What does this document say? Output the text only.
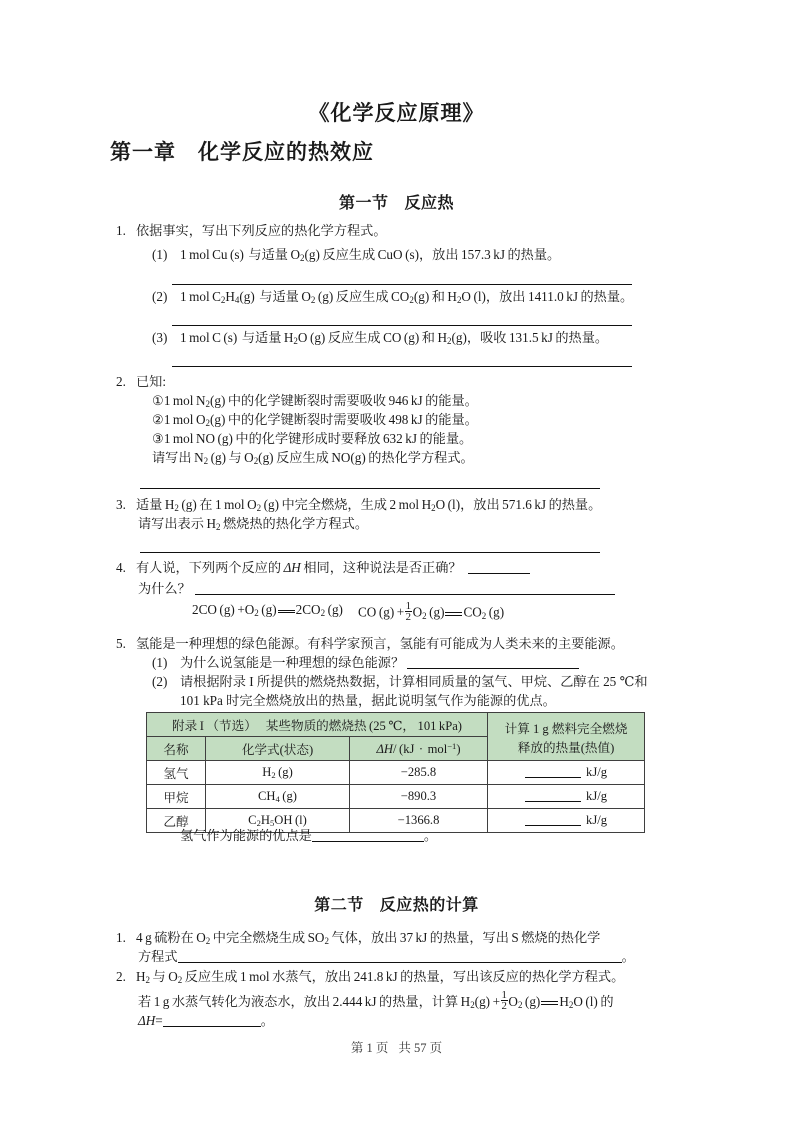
《化学反应原理》
第一章 化学反应的热效应
第一节 反应热
1. 依据事实，写出下列反应的热化学方程式。
(1) 1 mol Cu (s) 与适量 $O_2(g)$ 反应生成 CuO (s)，放出 157.3 kJ 的热量。
(2) 1 mol $C_2H_4(g)$ 与适量 $O_2$ (g) 反应生成 $CO_2(g)$ 和 $H_2O$ (l)，放出 1411.0 kJ 的热量。
(3) 1 mol C (s) 与适量 $H_2O$ (g) 反应生成 CO (g) 和 $H_2(g)$，吸收 131.5 kJ 的热量。
2. 已知:
①1 mol $N_2(g)$ 中的化学键断裂时需要吸收 946 kJ 的能量。
②1 mol $O_2(g)$ 中的化学键断裂时需要吸收 498 kJ 的能量。
③1 mol NO (g) 中的化学键形成时要释放 632 kJ 的能量。
请写出 $N_2$ (g) 与 $O_2(g)$ 反应生成 NO(g) 的热化学方程式。
3. 适量 $H_2$ (g) 在 1 mol $O_2$ (g) 中完全燃烧，生成 2 mol $H_2O$ (l)，放出 571.6 kJ 的热量。
请写出表示 $H_2$ 燃烧热的热化学方程式。
4. 有人说，下列两个反应的 ΔH 相同，这种说法是否正确？
为什么？
2CO $(g) +O_2$ (g) $2CO_2$ (g) CO $(g) + \frac{1}{2} O_2$ (g) $CO_2$ (g)
5. 氢能是一种理想的绿色能源。有科学家预言，氢能有可能成为人类未来的主要能源。
(1) 为什么说氢能是一种理想的绿色能源？
(2) 请根据附录 I 所提供的燃烧热数据，计算相同质量的氢气、甲烷、乙醇在 25 ℃和
101 kPa 时完全燃烧放出的热量，据此说明氢气作为能源的优点。
附录 I （节选） 某些物质的燃烧热 (25 ℃， 101 kPa)			计算 1 g 燃料完全燃烧
释放的热量(热值)

名称	化学式(状态)	ΔH/ (kJ · mol$^{-1}$)	
氢气	$H_2$ (g)	−285.8	kJ/g
甲烷	$CH_4$ (g)	−890.3	kJ/g
乙醇	$C_2H_5OH$ (l)	−1366.8	kJ/g
氢气作为能源的优点是	。
第二节 反应热的计算
1. 4 g 硫粉在 $O_2$ 中完全燃烧生成 $SO_2$ 气体，放出 37 kJ 的热量，写出 S 燃烧的热化学
方程式	。
2. $H_2$ 与 $O_2$ 反应生成 1 mol 水蒸气，放出 241.8 kJ 的热量，写出该反应的热化学方程式。
若 1 g 水蒸气转化为液态水，放出 2.444 kJ 的热量，计算 $H_2(g) + \frac{1}{2} O_2$ (g) $H_2O$ (l) 的
ΔH=	。
第 1 页 共 57 页
